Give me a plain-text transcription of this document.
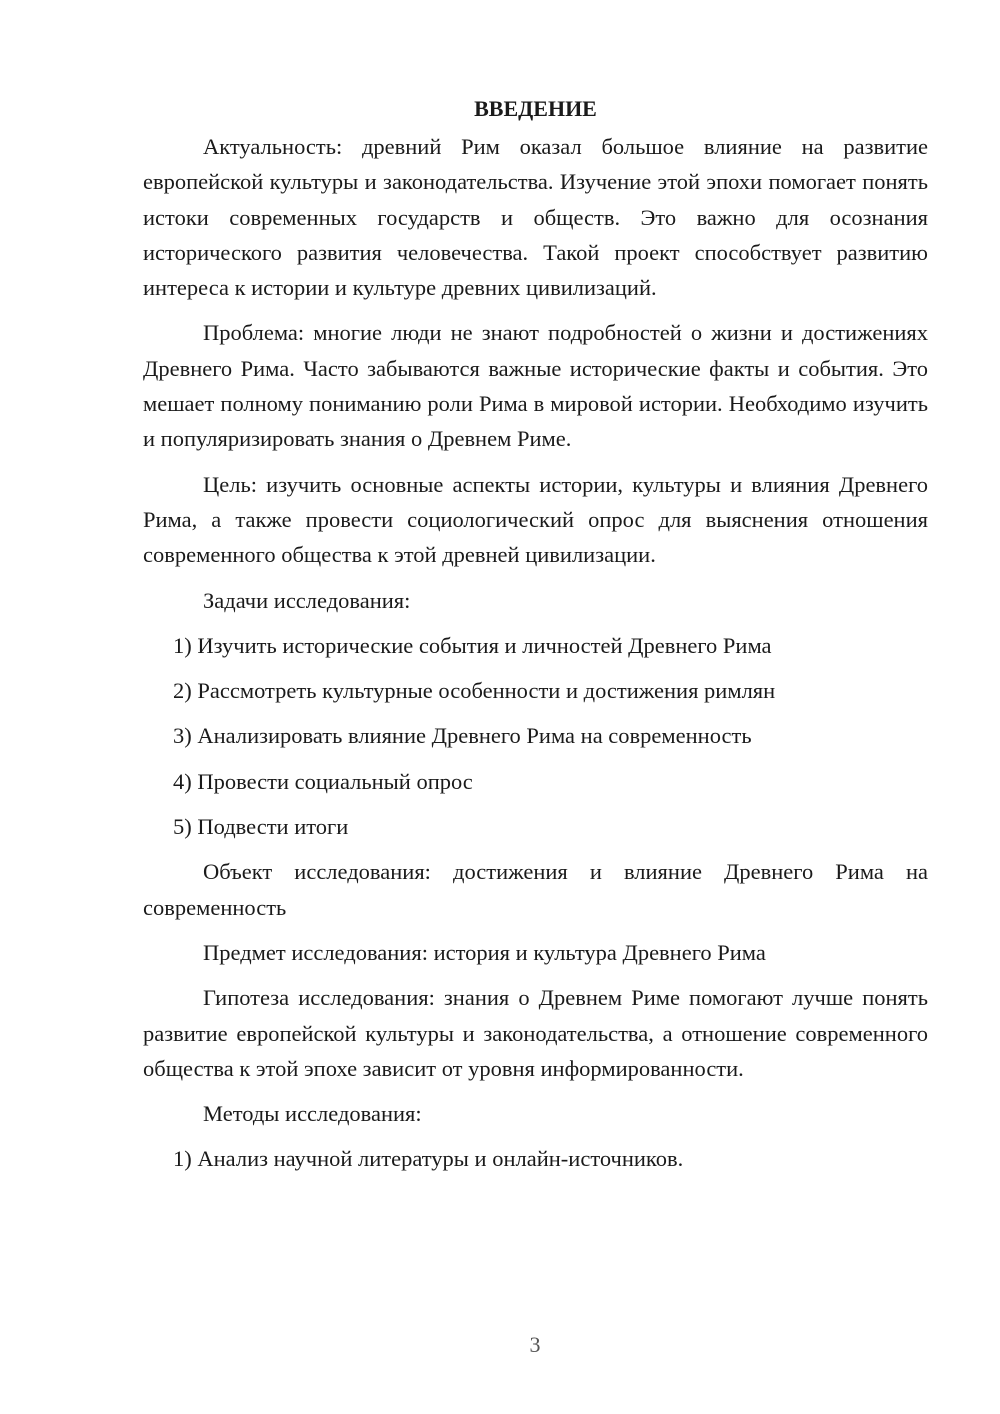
ВВЕДЕНИЕ

Актуальность: древний Рим оказал большое влияние на развитие европейской культуры и законодательства. Изучение этой эпохи помогает понять истоки современных государств и обществ. Это важно для осознания исторического развития человечества. Такой проект способствует развитию интереса к истории и культуре древних цивилизаций.

Проблема: многие люди не знают подробностей о жизни и достижениях Древнего Рима. Часто забываются важные исторические факты и события. Это мешает полному пониманию роли Рима в мировой истории. Необходимо изучить и популяризировать знания о Древнем Риме.

Цель: изучить основные аспекты истории, культуры и влияния Древнего Рима, а также провести социологический опрос для выяснения отношения современного общества к этой древней цивилизации.

Задачи исследования:

1) Изучить исторические события и личностей Древнего Рима
2) Рассмотреть культурные особенности и достижения римлян
3) Анализировать влияние Древнего Рима на современность
4) Провести социальный опрос
5) Подвести итоги

Объект исследования: достижения и влияние Древнего Рима на современность

Предмет исследования: история и культура Древнего Рима

Гипотеза исследования: знания о Древнем Риме помогают лучше понять развитие европейской культуры и законодательства, а отношение современного общества к этой эпохе зависит от уровня информированности.

Методы исследования:

1) Анализ научной литературы и онлайн-источников.
3
